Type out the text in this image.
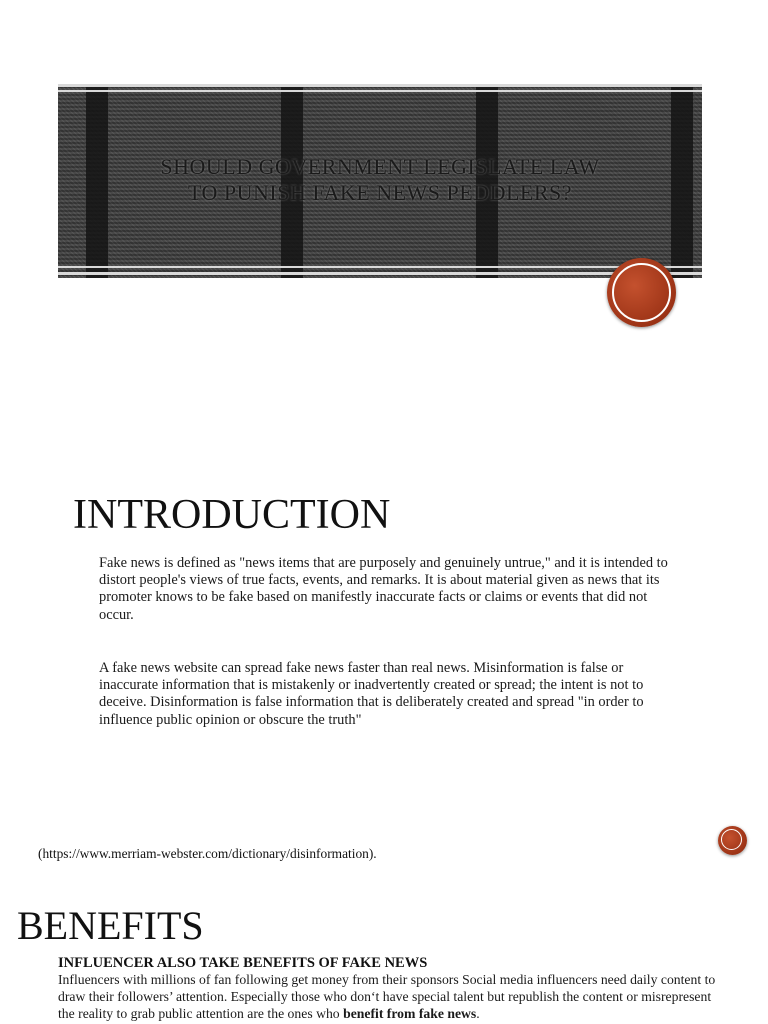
SHOULD GOVERNMENT LEGISLATE LAW
TO PUNISH FAKE NEWS PEDDLERS?
INTRODUCTION

Fake news is defined as "news items that are purposely and genuinely untrue," and it is intended to distort people's views of true facts, events, and remarks. It is about material given as news that its promoter knows to be fake based on manifestly inaccurate facts or claims or events that did not occur.

A fake news website can spread fake news faster than real news. Misinformation is false or inaccurate information that is mistakenly or inadvertently created or spread; the intent is not to deceive. Disinformation is false information that is deliberately created and spread "in order to influence public opinion or obscure the truth"

(https://www.merriam-webster.com/dictionary/disinformation).

BENEFITS
INFLUENCER ALSO TAKE BENEFITS OF FAKE NEWS

Influencers with millions of fan following get money from their sponsors Social media influencers need daily content to draw their followers’ attention. Especially those who don‘t have special talent but republish the content or misrepresent the reality to grab public attention are the ones who benefit from fake news.
